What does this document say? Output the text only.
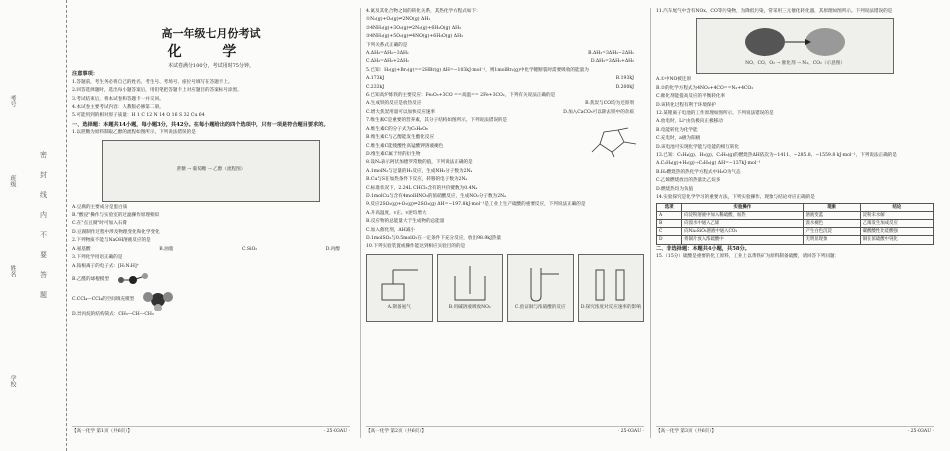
考号
班级
姓名
学校
密
封
线
内
不
要
答
题
高一年级七月份考试
化 学
本试卷满分100分，考试用时75分钟。
注意事项：
1.答题前，考生务必将自己的姓名、考生号、考场号、座位号填写在答题卡上。
2.回答选择题时，选出每小题答案后，用铅笔把答题卡上对应题目的答案标号涂黑。
3.考试结束后，将本试卷和答题卡一并交回。
4.本试卷主要考试内容：人教版必修第二册。
5.可能用到的相对原子质量：H 1 C 12 N 14 O 16 S 32 Cu 64
一、选择题：本题共14小题，每小题3分，共42分。在每小题给出的四个选项中，只有一项是符合题目要求的。
1.以蔗糖为原料制取乙醇的流程如图所示，下列说法错误的是
蔗糖 → 葡萄糖 → 乙醇（流程图）
A.豆腐的主要成分是蛋白质
B."酸浸"操作与实验室的过滤操作原理相似
C.在"点豆腐"时可加入石膏
D.豆腐制作过程中涉及物理变化和化学变化
2.下列物质不能与NaOH溶液反应的是
A.氨基酸	B.油脂	C.SiO₂	D.丙醇
3.下列化学用语正确的是
A.铵根离子的电子式：[H:N:H]⁺
B.乙醛的球棍模型
C.CCl₄—CCl₄的空间填充模型
D.异丙烷的结构简式：CH₃—CH—CH₃
【高一化学 第1页（共6页）】	· 25-03AU ·
4.氮及其化合物之间的转化关系，其热化学方程式如下：
①N₂(g)+O₂(g)⇌2NO(g) ΔH₁
②4NH₃(g)+3O₂(g)⇌2N₂(g)+6H₂O(g) ΔH₂
③4NH₃(g)+5O₂(g)⇌4NO(g)+6H₂O(g) ΔH₃
下列关系式正确的是
A.ΔH₃=ΔH₂−3ΔH₁	B.ΔH₃=3ΔH₂−2ΔH₁
C.ΔH₃=ΔH₂+2ΔH₁	D.ΔH₃=3ΔH₁+ΔH₂
5.已知：H₂(g)+Br₂(g)==2HBr(g) ΔH=−103kJ·mol⁻¹，则1molBr₂(g)中化学键断裂时需要吸收的能量为
A.173kJ	B.193kJ
C.233kJ	D.200kJ
6.已知高炉炼铁的主要反应：Fe₂O₃+3CO ==高温== 2Fe+3CO₂，下列有关说法正确的是
A.生成铁的反应是放热反应	B.焦炭与CO均为还原剂
C.增大焦炭用量可以加快反应速率	D.加入CaCO₃可以除去铁中的杂质
7.维生素C是重要的营养素，其分子结构如图所示，下列说法错误的是
A.维生素C的分子式为C₆H₈O₆
B.维生素C与乙醇能发生酯化反应
C.维生素C能使酸性高锰酸钾溶液褪色
D.维生素C属于烃的衍生物
8.设Nₐ表示阿伏加德罗常数的值，下列说法正确的是
A.1molN₂与足量的H₂反应，生成NH₃分子数为2Nₐ
B.Cu与S在加热条件下反应，转移的电子数为2Nₐ
C.标准状况下，2.24L CHCl₃含有的共价键数为0.4Nₐ
D.1molCu与含有4molHNO₃的浓硝酸反应，生成NO₂分子数为2Nₐ
9.反应2SO₂(g)+O₂(g)⇌2SO₃(g) ΔH=−197.8kJ·mol⁻¹是工业上生产硫酸的重要反应，下列说法正确的是
A.升高温度，v正、v逆均增大
B.反应物的总能量大于生成物的总能量
C.加入催化剂，ΔH减小
D.1molSO₂与0.5molO₂在一定条件下充分反应，放出98.9kJ热量
10.下列实验装置或操作能达到相应实验目的的是
A.制备氨气	B.用碱溶液吸收NO₂	C.验证铜与浓硝酸的反应	D.探究浓度对反应速率的影响
【高一化学 第2页（共6页）】	· 25-03AU ·
11.汽车尾气中含有NOx、CO等污染物，为降低污染，常采用三元催化转化器，其原理如图所示。下列说法错误的是
NO、CO、O₂ → 催化剂 → N₂、CO₂（示意图）
A.①中NO被还原
B.②的化学方程式为4NO₂+4CO==N₂+4CO₂
C.催化剂能提高反应的平衡转化率
D.该转化过程有利于环境保护
12.某锂离子电池的工作原理如图所示，下列说法错误的是
A.放电时，Li⁺由负极向正极移动
B.电能转化为化学能
C.充电时，a极为阳极
D.该电池可实现化学能与电能的相互转化
13.已知：C₂H₄(g)、H₂(g)、C₂H₆(g)的燃烧热ΔH依次为−1411、−285.8、−1559.8 kJ·mol⁻¹，下列说法正确的是
A.C₂H₄(g)+H₂(g)→C₂H₆(g) ΔH=−137kJ·mol⁻¹
B.H₂燃烧热的热化学方程式中H₂O为气态
C.乙烯燃烧放出的热量比乙烷多
D.燃烧热均为负值
14.实验探究是化学学习的重要方法，下列实验操作、现象与结论对应正确的是
选项	实验操作	现象	结论
A	向淀粉溶液中加入稀硫酸，加热	溶液变蓝	淀粉未水解
B	向溴水中通入乙烯	溴水褪色	乙烯发生加成反应
C	向Na₂SiO₃溶液中通入CO₂	产生白色沉淀	碳酸酸性比硅酸强
D	将铜片放入浓硫酸中	无明显现象	铜在浓硫酸中钝化
二、非选择题：本题共4小题，共58分。
15.（15分）硫酸是重要的化工原料，工业上以黄铁矿为原料制备硫酸，请回答下列问题：
【高一化学 第3页（共6页）】	· 25-03AU ·
